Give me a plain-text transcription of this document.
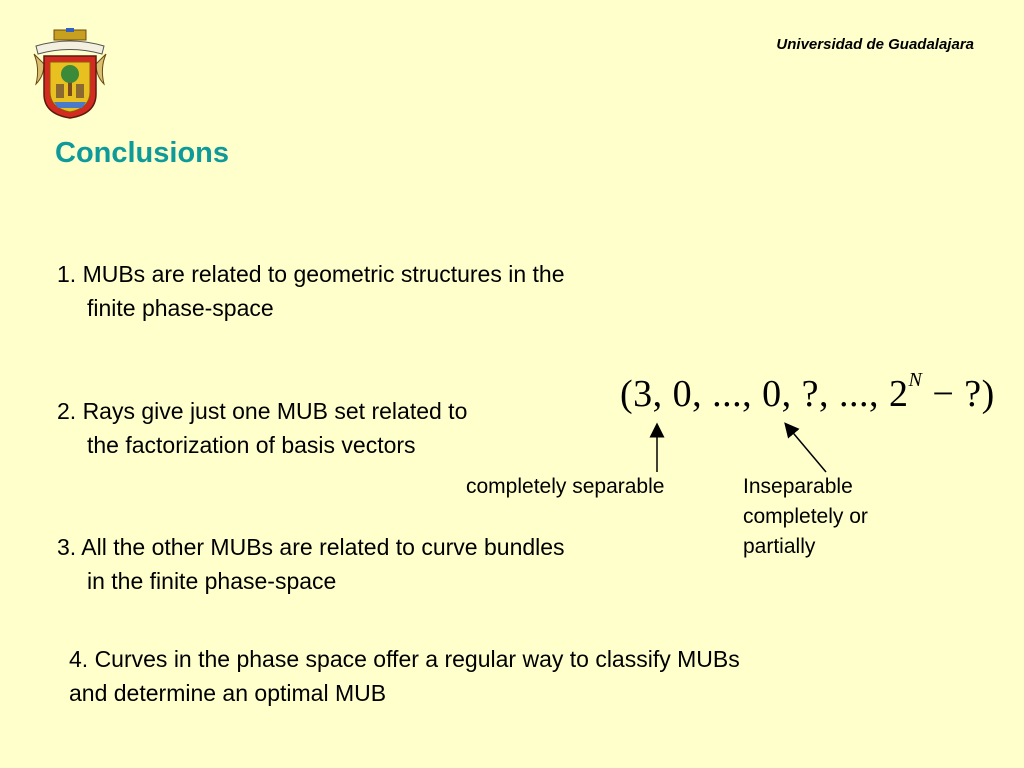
Universidad de Guadalajara
Conclusions
1. MUBs are related to geometric structures in the
finite phase-space
2. Rays give just one MUB set related to
the factorization of basis vectors
3. All the other MUBs are related to curve bundles
in the finite phase-space
4. Curves in the phase space offer a regular way to classify MUBs
and determine an optimal MUB
(3, 0, ..., 0, ?, ..., $2^N$ − ?)
completely separable	Inseparable
completely or
partially
